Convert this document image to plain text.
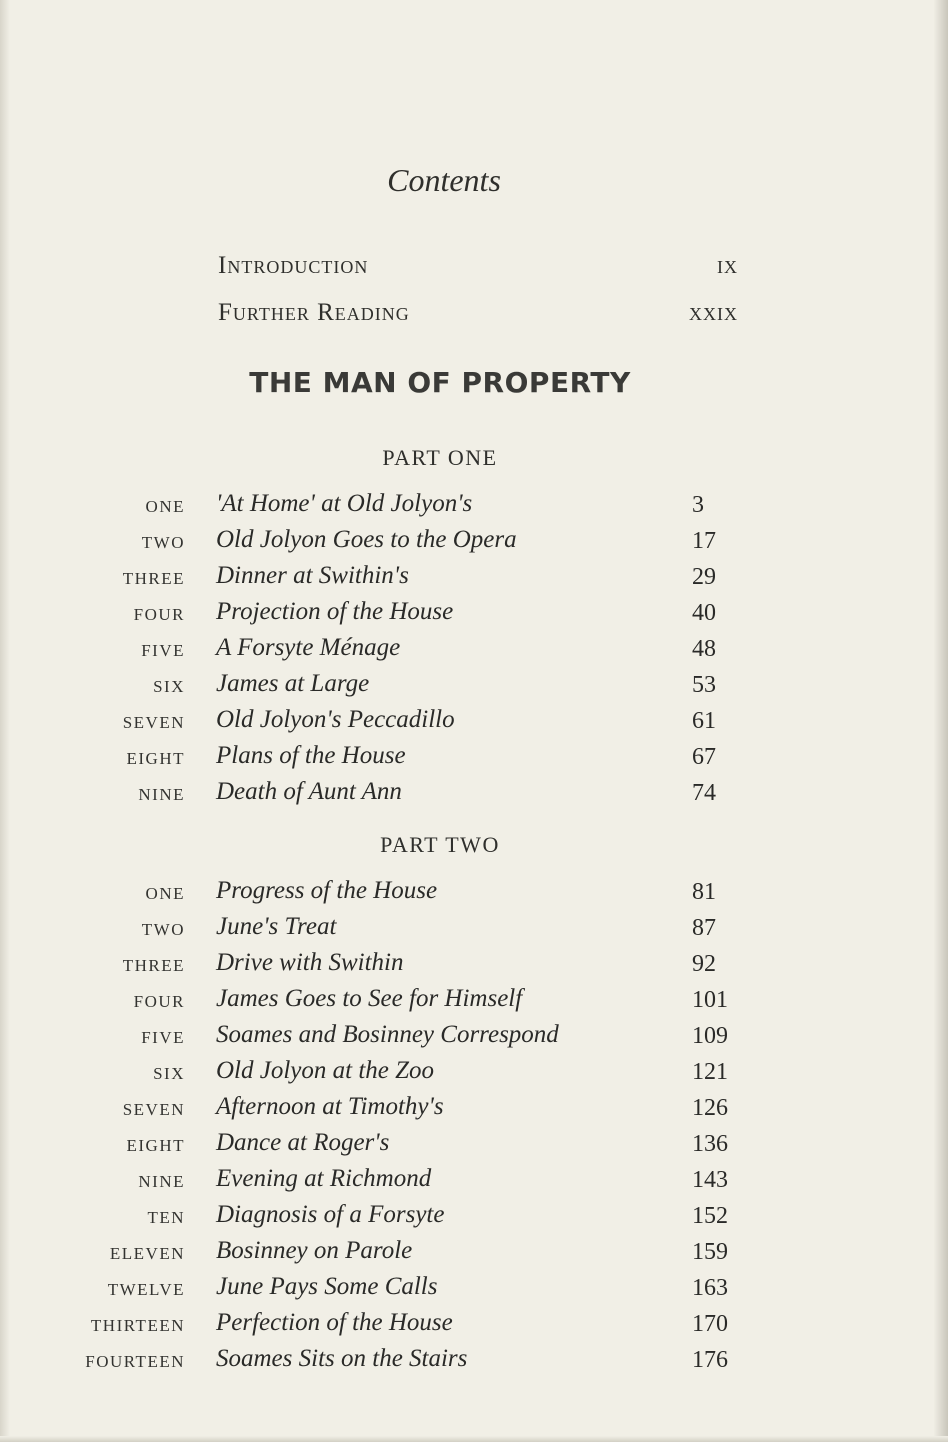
Contents
Introduction	ix
Further Reading	xxix
THE MAN OF PROPERTY
PART ONE
ONE 'At Home' at Old Jolyon's	3
TWO Old Jolyon Goes to the Opera	17
THREE Dinner at Swithin's	29
FOUR Projection of the House	40
FIVE A Forsyte Ménage	48
SIX James at Large	53
SEVEN Old Jolyon's Peccadillo	61
EIGHT Plans of the House	67
NINE Death of Aunt Ann	74
PART TWO
ONE Progress of the House	81
TWO June's Treat	87
THREE Drive with Swithin	92
FOUR James Goes to See for Himself	101
FIVE Soames and Bosinney Correspond	109
SIX Old Jolyon at the Zoo	121
SEVEN Afternoon at Timothy's	126
EIGHT Dance at Roger's	136
NINE Evening at Richmond	143
TEN Diagnosis of a Forsyte	152
ELEVEN Bosinney on Parole	159
TWELVE June Pays Some Calls	163
THIRTEEN Perfection of the House	170
FOURTEEN Soames Sits on the Stairs	176
